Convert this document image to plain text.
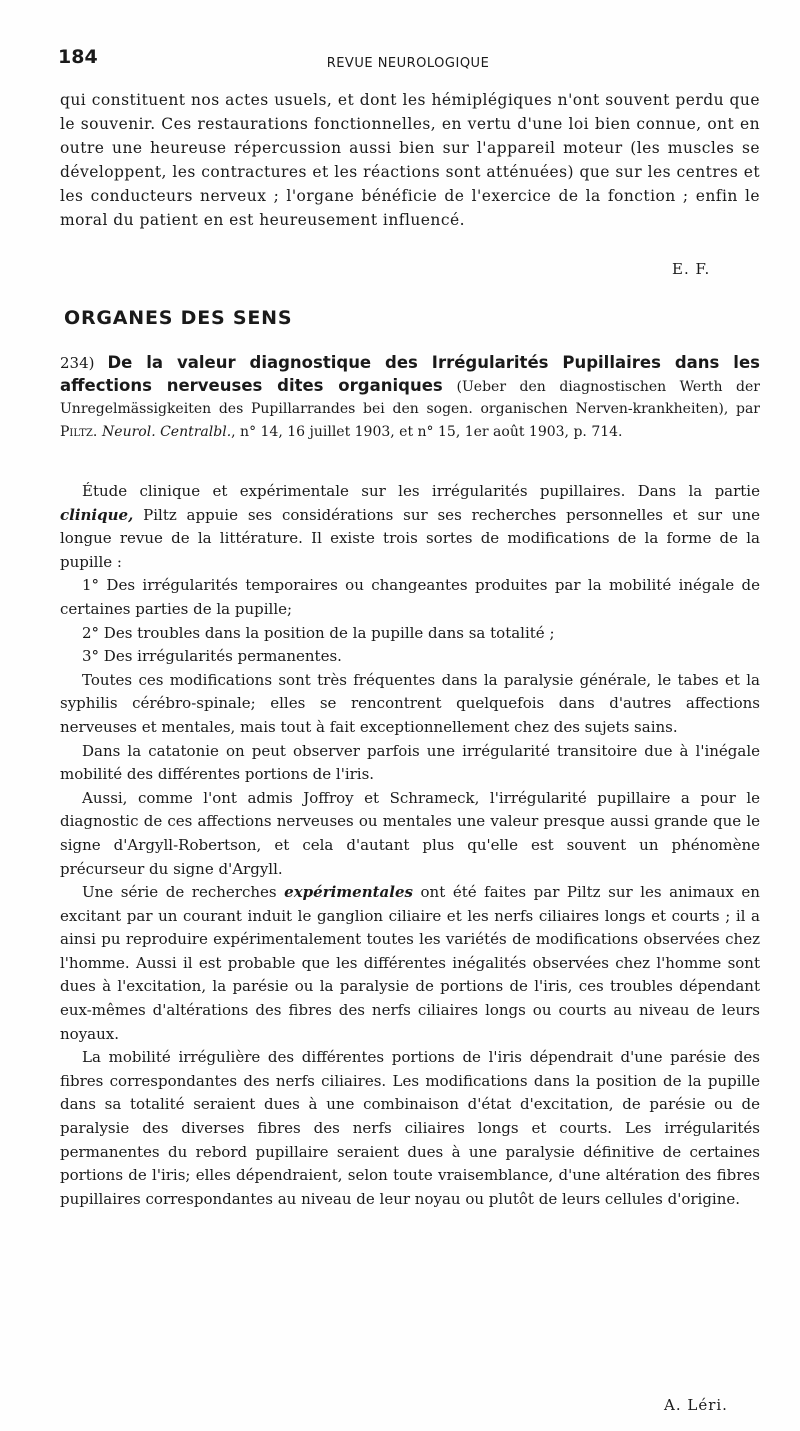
184	REVUE NEUROLOGIQUE

qui constituent nos actes usuels, et dont les hémiplégiques n'ont souvent perdu que le souvenir. Ces restaurations fonctionnelles, en vertu d'une loi bien connue, ont en outre une heureuse répercussion aussi bien sur l'appareil moteur (les muscles se développent, les contractures et les réactions sont atténuées) que sur les centres et les conducteurs nerveux ; l'organe bénéficie de l'exercice de la fonction ; enfin le moral du patient en est heureusement influencé.

E. F.
ORGANES DES SENS
234) De la valeur diagnostique des Irrégularités Pupillaires dans les affections nerveuses dites organiques (Ueber den diagnostischen Werth der Unregelmässigkeiten des Pupillarrandes bei den sogen. organischen Nerven-krankheiten), par Piltz. Neurol. Centralbl., n° 14, 16 juillet 1903, et n° 15, 1er août 1903, p. 714.

Étude clinique et expérimentale sur les irrégularités pupillaires. Dans la partie clinique, Piltz appuie ses considérations sur ses recherches personnelles et sur une longue revue de la littérature. Il existe trois sortes de modifications de la forme de la pupille :

1° Des irrégularités temporaires ou changeantes produites par la mobilité inégale de certaines parties de la pupille;

2° Des troubles dans la position de la pupille dans sa totalité ;

3° Des irrégularités permanentes.

Toutes ces modifications sont très fréquentes dans la paralysie générale, le tabes et la syphilis cérébro-spinale; elles se rencontrent quelquefois dans d'autres affections nerveuses et mentales, mais tout à fait exceptionnellement chez des sujets sains.

Dans la catatonie on peut observer parfois une irrégularité transitoire due à l'inégale mobilité des différentes portions de l'iris.

Aussi, comme l'ont admis Joffroy et Schrameck, l'irrégularité pupillaire a pour le diagnostic de ces affections nerveuses ou mentales une valeur presque aussi grande que le signe d'Argyll-Robertson, et cela d'autant plus qu'elle est souvent un phénomène précurseur du signe d'Argyll.

Une série de recherches expérimentales ont été faites par Piltz sur les animaux en excitant par un courant induit le ganglion ciliaire et les nerfs ciliaires longs et courts ; il a ainsi pu reproduire expérimentalement toutes les variétés de modifications observées chez l'homme. Aussi il est probable que les différentes inégalités observées chez l'homme sont dues à l'excitation, la parésie ou la paralysie de portions de l'iris, ces troubles dépendant eux-mêmes d'altérations des fibres des nerfs ciliaires longs ou courts au niveau de leurs noyaux.

La mobilité irrégulière des différentes portions de l'iris dépendrait d'une parésie des fibres correspondantes des nerfs ciliaires. Les modifications dans la position de la pupille dans sa totalité seraient dues à une combinaison d'état d'excitation, de parésie ou de paralysie des diverses fibres des nerfs ciliaires longs et courts. Les irrégularités permanentes du rebord pupillaire seraient dues à une paralysie définitive de certaines portions de l'iris; elles dépendraient, selon toute vraisemblance, d'une altération des fibres pupillaires correspondantes au niveau de leur noyau ou plutôt de leurs cellules d'origine.

A. Léri.
